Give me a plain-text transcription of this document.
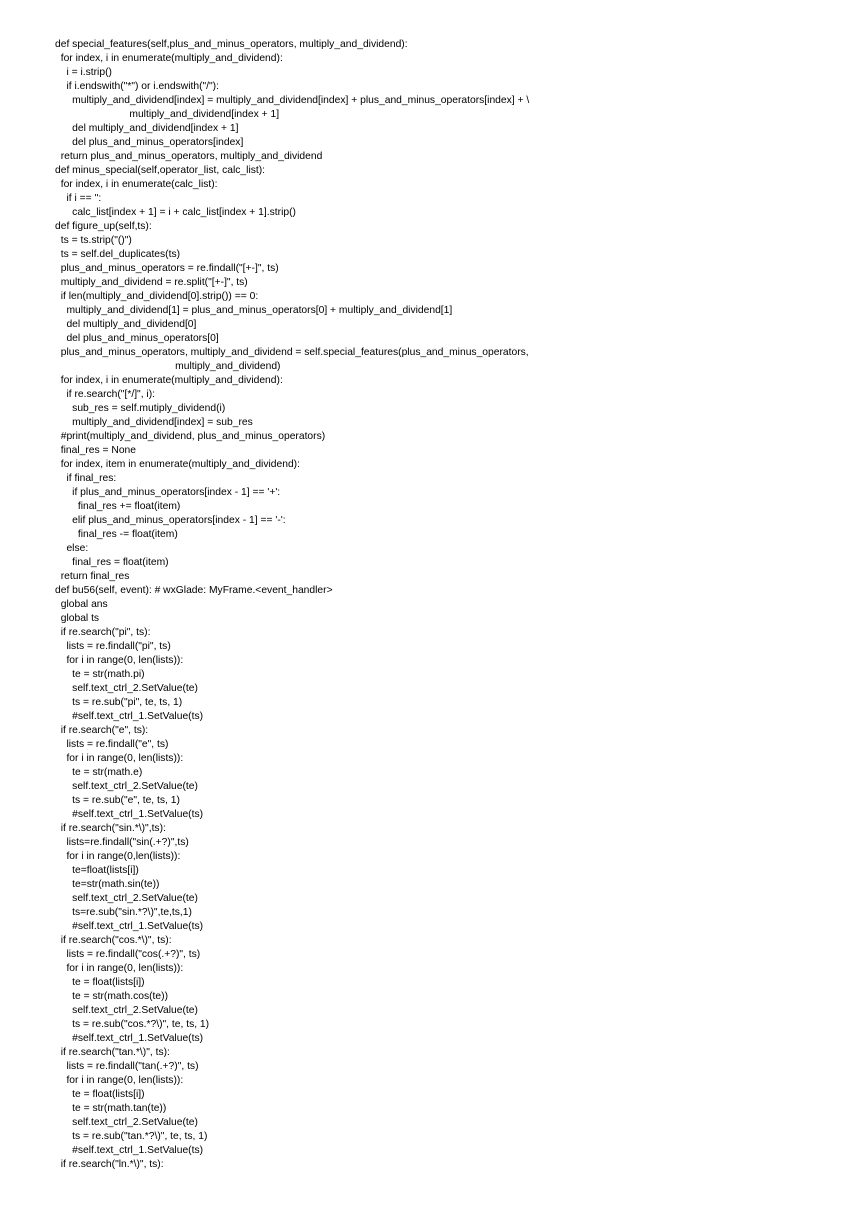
def special_features(self,plus_and_minus_operators, multiply_and_dividend):
for index, i in enumerate(multiply_and_dividend):
i = i.strip()
if i.endswith("*") or i.endswith("/"):
multiply_and_dividend[index] = multiply_and_dividend[index] + plus_and_minus_operators[index] + \
multiply_and_dividend[index + 1]
del multiply_and_dividend[index + 1]
del plus_and_minus_operators[index]
return plus_and_minus_operators, multiply_and_dividend
def minus_special(self,operator_list, calc_list):
for index, i in enumerate(calc_list):
if i == '':
calc_list[index + 1] = i + calc_list[index + 1].strip()
def figure_up(self,ts):
ts = ts.strip("()")
ts = self.del_duplicates(ts)
plus_and_minus_operators = re.findall("[+-]", ts)
multiply_and_dividend = re.split("[+-]", ts)
if len(multiply_and_dividend[0].strip()) == 0:
multiply_and_dividend[1] = plus_and_minus_operators[0] + multiply_and_dividend[1]
del multiply_and_dividend[0]
del plus_and_minus_operators[0]
plus_and_minus_operators, multiply_and_dividend = self.special_features(plus_and_minus_operators,
multiply_and_dividend)
for index, i in enumerate(multiply_and_dividend):
if re.search("[*/]", i):
sub_res = self.mutiply_dividend(i)
multiply_and_dividend[index] = sub_res
#print(multiply_and_dividend, plus_and_minus_operators)
final_res = None
for index, item in enumerate(multiply_and_dividend):
if final_res:
if plus_and_minus_operators[index - 1] == '+':
final_res += float(item)
elif plus_and_minus_operators[index - 1] == '-':
final_res -= float(item)
else:
final_res = float(item)
return final_res
def bu56(self, event): # wxGlade: MyFrame.<event_handler>
global ans
global ts
if re.search("pi", ts):
lists = re.findall("pi", ts)
for i in range(0, len(lists)):
te = str(math.pi)
self.text_ctrl_2.SetValue(te)
ts = re.sub("pi", te, ts, 1)
#self.text_ctrl_1.SetValue(ts)
if re.search("e", ts):
lists = re.findall("e", ts)
for i in range(0, len(lists)):
te = str(math.e)
self.text_ctrl_2.SetValue(te)
ts = re.sub("e", te, ts, 1)
#self.text_ctrl_1.SetValue(ts)
if re.search("sin.*\)",ts):
lists=re.findall("sin(.+?)",ts)
for i in range(0,len(lists)):
te=float(lists[i])
te=str(math.sin(te))
self.text_ctrl_2.SetValue(te)
ts=re.sub("sin.*?\)",te,ts,1)
#self.text_ctrl_1.SetValue(ts)
if re.search("cos.*\)", ts):
lists = re.findall("cos(.+?)", ts)
for i in range(0, len(lists)):
te = float(lists[i])
te = str(math.cos(te))
self.text_ctrl_2.SetValue(te)
ts = re.sub("cos.*?\)", te, ts, 1)
#self.text_ctrl_1.SetValue(ts)
if re.search("tan.*\)", ts):
lists = re.findall("tan(.+?)", ts)
for i in range(0, len(lists)):
te = float(lists[i])
te = str(math.tan(te))
self.text_ctrl_2.SetValue(te)
ts = re.sub("tan.*?\)", te, ts, 1)
#self.text_ctrl_1.SetValue(ts)
if re.search("ln.*\)", ts):
